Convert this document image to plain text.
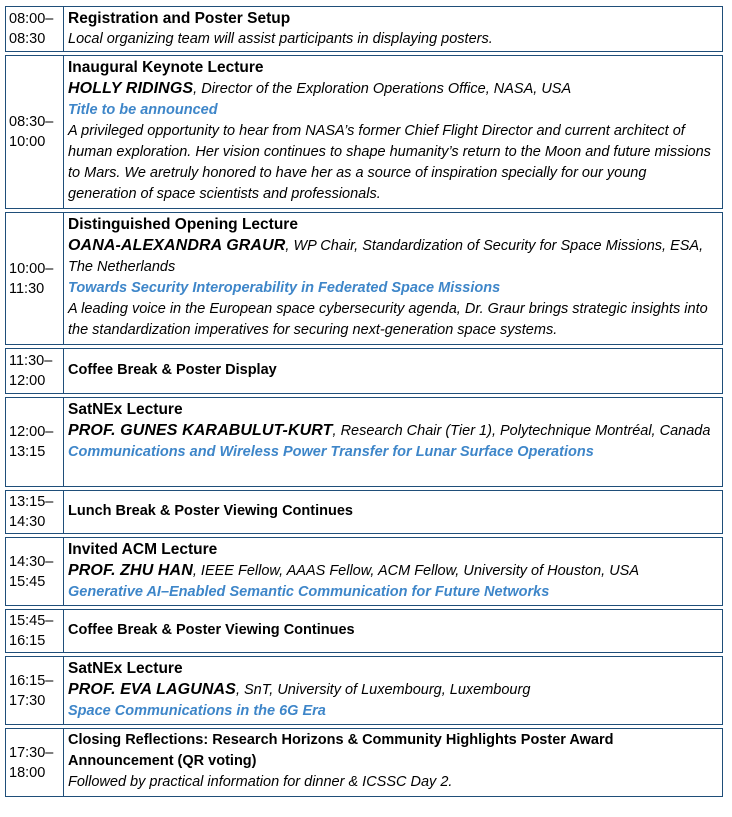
08:00–
08:30
Registration and Poster Setup
Local organizing team will assist participants in displaying posters.
08:30–
10:00
Inaugural Keynote Lecture
HOLLY RIDINGS, Director of the Exploration Operations Office, NASA, USA
Title to be announced
A privileged opportunity to hear from NASA’s former Chief Flight Director and current architect of human exploration. Her vision continues to shape humanity’s return to the Moon and future missions to Mars. We aretruly honored to have her as a source of inspiration specially for our young generation of space scientists and professionals.
10:00–
11:30
Distinguished Opening Lecture
OANA-ALEXANDRA GRAUR, WP Chair, Standardization of Security for Space Missions, ESA, The Netherlands
Towards Security Interoperability in Federated Space Missions
A leading voice in the European space cybersecurity agenda, Dr. Graur brings strategic insights into the standardization imperatives for securing next-generation space systems.
11:30–
12:00
Coffee Break & Poster Display
12:00–
13:15
SatNEx Lecture
PROF. GUNES KARABULUT-KURT, Research Chair (Tier 1), Polytechnique Montréal, Canada
Communications and Wireless Power Transfer for Lunar Surface Operations
13:15–
14:30
Lunch Break & Poster Viewing Continues
14:30–
15:45
Invited ACM Lecture
PROF. ZHU HAN, IEEE Fellow, AAAS Fellow, ACM Fellow, University of Houston, USA
Generative AI–Enabled Semantic Communication for Future Networks
15:45–
16:15
Coffee Break & Poster Viewing Continues
16:15–
17:30
SatNEx Lecture
PROF. EVA LAGUNAS, SnT, University of Luxembourg, Luxembourg
Space Communications in the 6G Era
17:30–
18:00
Closing Reflections: Research Horizons & Community Highlights Poster Award Announcement (QR voting)
Followed by practical information for dinner & ICSSC Day 2.
